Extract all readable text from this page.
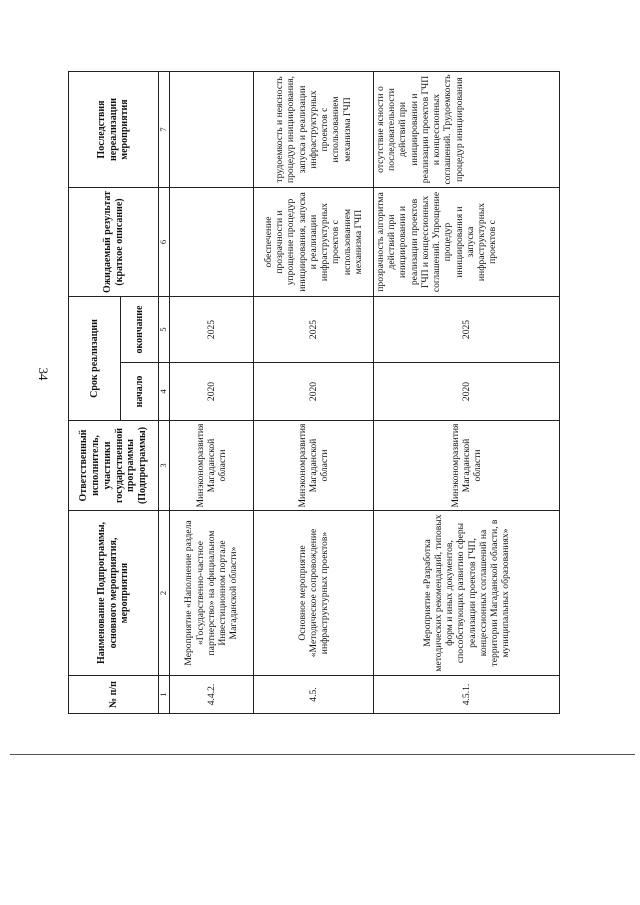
34
№ п/п	Наименование Подпрограммы, основного мероприятия, мероприятия	Ответственный исполнитель, участники государственной программы (Подпрограммы)	Срок реализации		Ожидаемый результат (краткое описание)	Последствия нереализации мероприятия
			начало	окончание		
1	2	3	4	5	6	7
4.4.2.	Мероприятие «Наполнение раздела «Государственно-частное партнерство» на официальном Инвестиционном портале Магаданской области»	Минэкономразвития Магаданской области	2020	2025		
4.5.	Основное мероприятие «Методическое сопровождение инфраструктурных проектов»	Минэкономразвития Магаданской области	2020	2025	обеспечение прозрачности и упрощение процедур инициирования, запуска и реализации инфраструктурных проектов с использованием механизма ГЧП	трудоемкость и неясность процедур инициирования, запуска и реализации инфраструктурных проектов с использованием механизма ГЧП
4.5.1.	Мероприятие «Разработка методических рекомендаций, типовых форм и иных документов, способствующих развитию сферы реализации проектов ГЧП, концессионных соглашений на территории Магаданской области, в муниципальных образованиях»	Минэкономразвития Магаданской области	2020	2025	прозрачность алгоритма действий при инициировании и реализации проектов ГЧП и концессионных соглашений. Упрощение процедур инициирования и запуска инфраструктурных проектов с	отсутствие ясности о последовательности действий при инициировании и реализации проектов ГЧП и концессионных соглашений. Трудоемкость процедур инициирования
